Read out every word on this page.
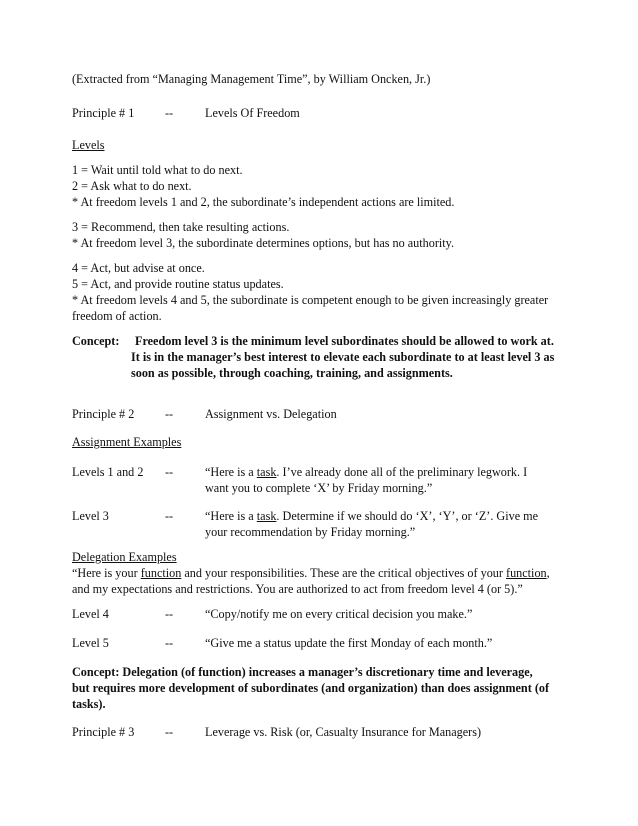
(Extracted from “Managing Management Time”, by William Oncken, Jr.)
Principle # 1	--	Levels Of Freedom
Levels
1 = Wait until told what to do next.
2 = Ask what to do next.
* At freedom levels 1 and 2, the subordinate’s independent actions are limited.
3 = Recommend, then take resulting actions.
* At freedom level 3, the subordinate determines options, but has no authority.
4 = Act, but advise at once.
5 = Act, and provide routine status updates.
* At freedom levels 4 and 5, the subordinate is competent enough to be given increasingly greater
freedom of action.
Concept: Freedom level 3 is the minimum level subordinates should be allowed to work at.
It is in the manager’s best interest to elevate each subordinate to at least level 3 as
soon as possible, through coaching, training, and assignments.
Principle # 2	--	Assignment vs. Delegation
Assignment Examples
Levels 1 and 2 --	“Here is a task. I’ve already done all of the preliminary legwork. I
want you to complete ‘X’ by Friday morning.”
Level 3	--	“Here is a task. Determine if we should do ‘X’, ‘Y’, or ‘Z’. Give me
your recommendation by Friday morning.”
Delegation Examples
“Here is your function and your responsibilities. These are the critical objectives of your function,
and my expectations and restrictions. You are authorized to act from freedom level 4 (or 5).”
Level 4	--	“Copy/notify me on every critical decision you make.”
Level 5	--	“Give me a status update the first Monday of each month.”
Concept: Delegation (of function) increases a manager’s discretionary time and leverage,
but requires more development of subordinates (and organization) than does assignment (of
tasks).
Principle # 3	--	Leverage vs. Risk (or, Casualty Insurance for Managers)
